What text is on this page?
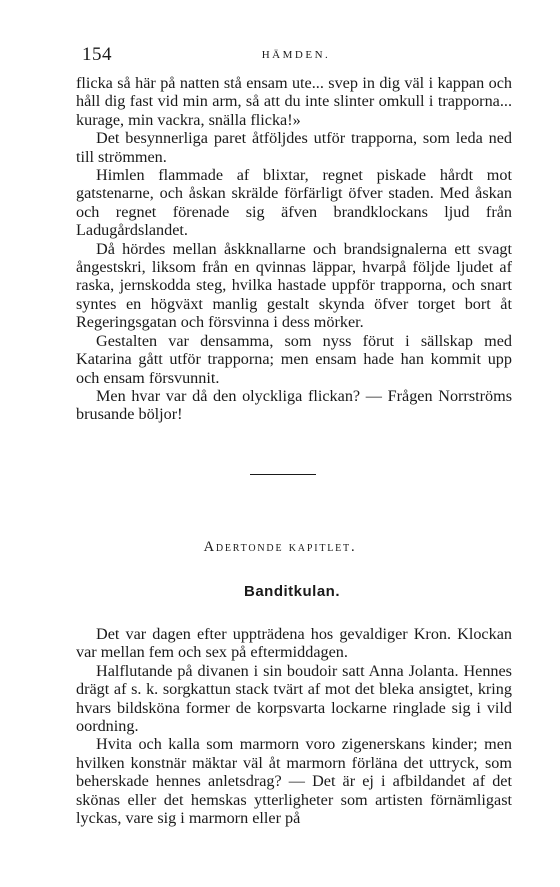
154	HÄMDEN.

flicka så här på natten stå ensam ute... svep in dig väl i kappan och håll dig fast vid min arm, så att du inte slinter omkull i trapporna... kurage, min vackra, snälla flicka!»

Det besynnerliga paret åtföljdes utför trapporna, som leda ned till strömmen.

Himlen flammade af blixtar, regnet piskade hårdt mot gatstenarne, och åskan skrälde förfärligt öfver staden. Med åskan och regnet förenade sig äfven brandklockans ljud från Ladugårdslandet.

Då hördes mellan åskknallarne och brandsignalerna ett svagt ångestskri, liksom från en qvinnas läppar, hvarpå följde ljudet af raska, jernskodda steg, hvilka hastade uppför trapporna, och snart syntes en högväxt manlig gestalt skynda öfver torget bort åt Regeringsgatan och försvinna i dess mörker.

Gestalten var densamma, som nyss förut i sällskap med Katarina gått utför trapporna; men ensam hade han kommit upp och ensam försvunnit.

Men hvar var då den olyckliga flickan? — Frågen Norrströms brusande böljor!

Adertonde kapitlet.
Banditkulan.

Det var dagen efter uppträdena hos gevaldiger Kron. Klockan var mellan fem och sex på eftermiddagen.

Halflutande på divanen i sin boudoir satt Anna Jolanta. Hennes drägt af s. k. sorgkattun stack tvärt af mot det bleka ansigtet, kring hvars bildsköna former de korpsvarta lockarne ringlade sig i vild oordning.

Hvita och kalla som marmorn voro zigenerskans kinder; men hvilken konstnär mäktar väl åt marmorn förläna det uttryck, som beherskade hennes anletsdrag? — Det är ej i afbildandet af det skönas eller det hemskas ytterligheter som artisten förnämligast lyckas, vare sig i marmorn eller på
